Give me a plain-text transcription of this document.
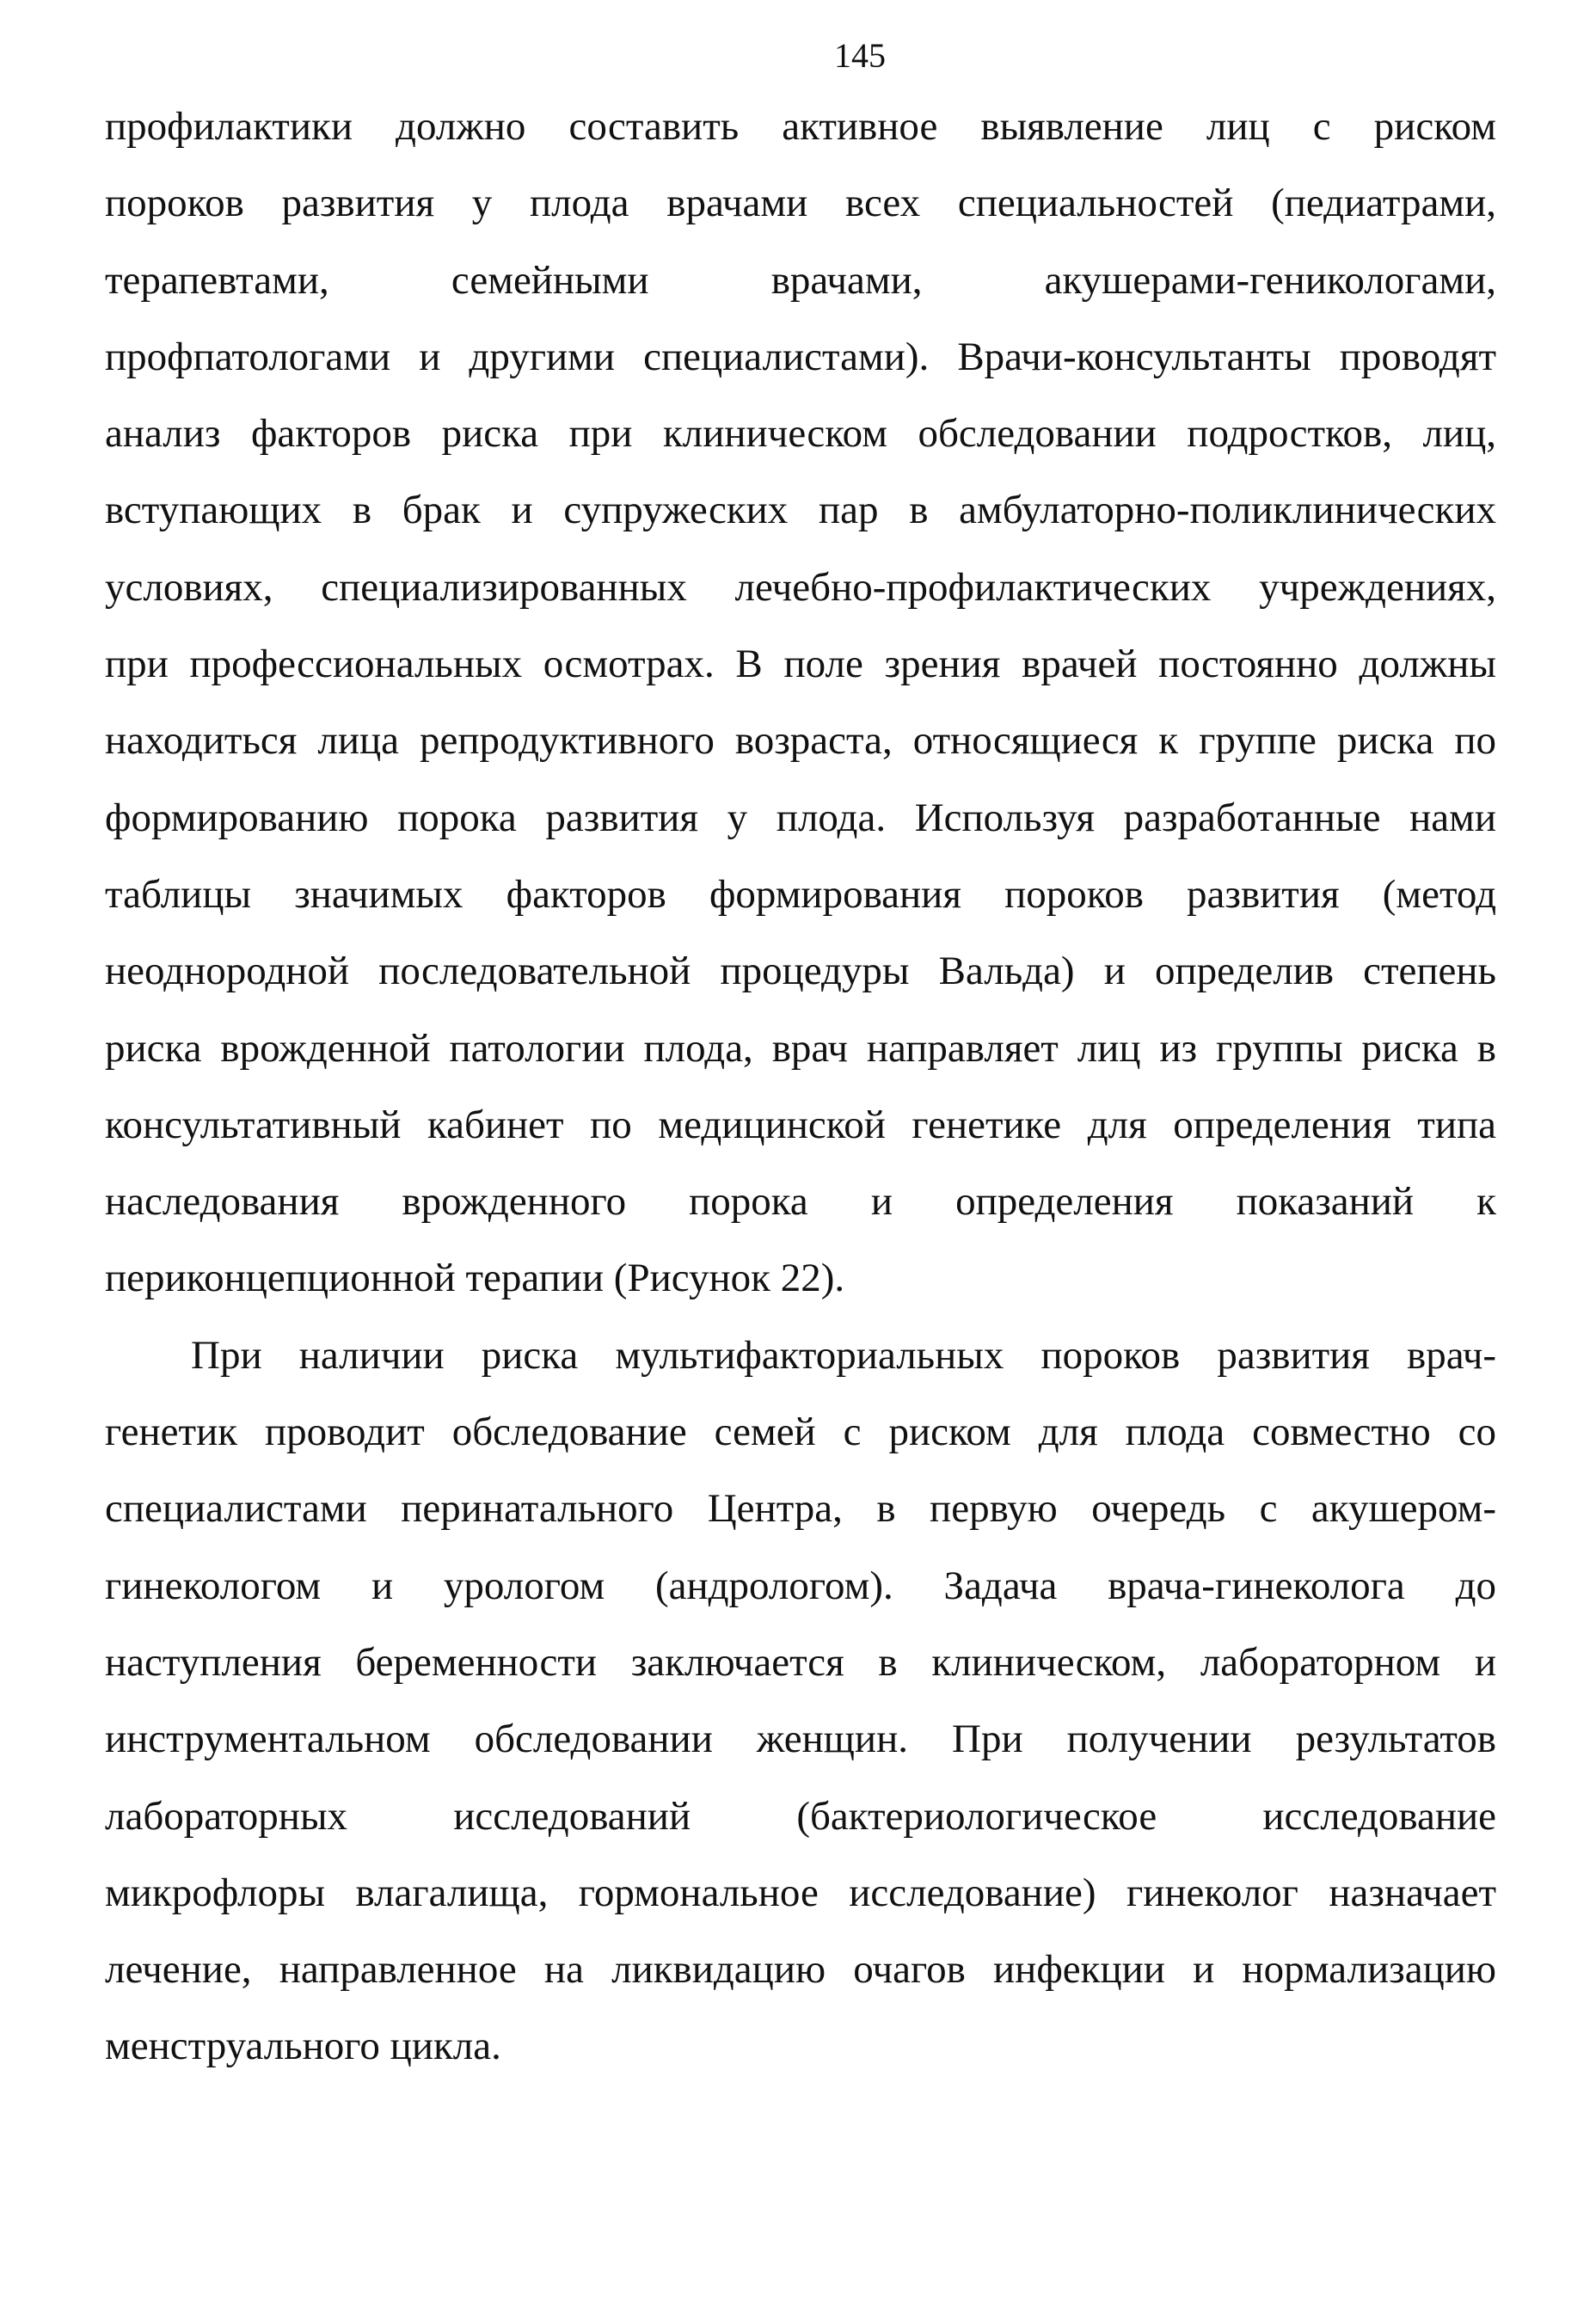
145
профилактики должно составить активное выявление лиц с риском
пороков развития у плода врачами всех специальностей (педиатрами,
терапевтами, семейными врачами, акушерами-геникологами,
профпатологами и другими специалистами). Врачи-консультанты проводят
анализ факторов риска при клиническом обследовании подростков, лиц,
вступающих в брак и супружеских пар в амбулаторно-поликлинических
условиях, специализированных лечебно-профилактических учреждениях,
при профессиональных осмотрах. В поле зрения врачей постоянно должны
находиться лица репродуктивного возраста, относящиеся к группе риска по
формированию порока развития у плода. Используя разработанные нами
таблицы значимых факторов формирования пороков развития (метод
неоднородной последовательной процедуры Вальда) и определив степень
риска врожденной патологии плода, врач направляет лиц из группы риска в
консультативный кабинет по медицинской генетике для определения типа
наследования врожденного порока и определения показаний к
периконцепционной терапии (Рисунок 22).
При наличии риска мультифакториальных пороков развития врач-
генетик проводит обследование семей с риском для плода совместно со
специалистами перинатального Центра, в первую очередь с акушером-
гинекологом и урологом (андрологом). Задача врача-гинеколога до
наступления беременности заключается в клиническом, лабораторном и
инструментальном обследовании женщин. При получении результатов
лабораторных исследований (бактериологическое исследование
микрофлоры влагалища, гормональное исследование) гинеколог назначает
лечение, направленное на ликвидацию очагов инфекции и нормализацию
менструального цикла.
